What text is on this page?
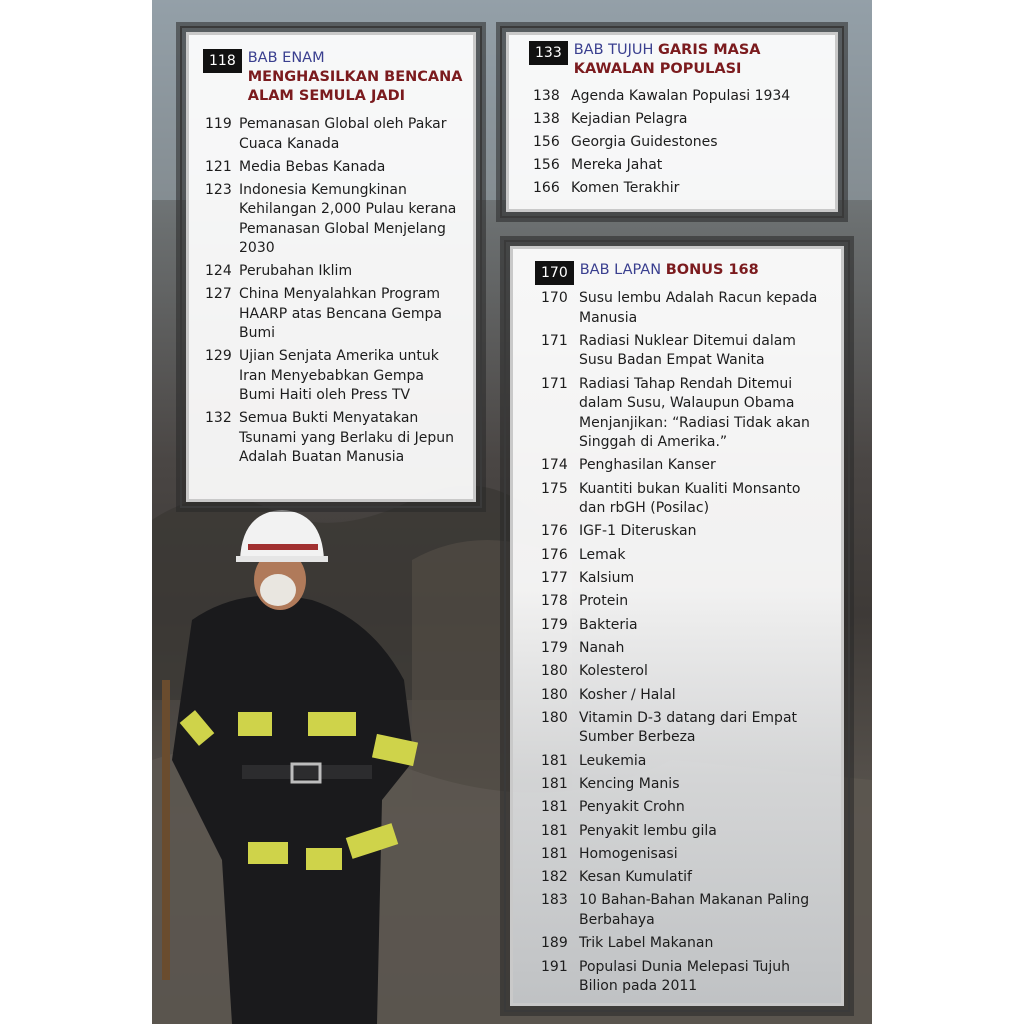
118 BAB ENAM
MENGHASILKAN BENCANA ALAM SEMULA JADI
119 Pemanasan Global oleh Pakar Cuaca Kanada
121 Media Bebas Kanada
123 Indonesia Kemungkinan Kehilangan 2,000 Pulau kerana Pemanasan Global Menjelang 2030
124 Perubahan Iklim
127 China Menyalahkan Program HAARP atas Bencana Gempa Bumi
129 Ujian Senjata Amerika untuk Iran Menyebabkan Gempa Bumi Haiti oleh Press TV
132 Semua Bukti Menyatakan Tsunami yang Berlaku di Jepun Adalah Buatan Manusia
133 BAB TUJUH GARIS MASA KAWALAN POPULASI
138 Agenda Kawalan Populasi 1934
138 Kejadian Pelagra
156 Georgia Guidestones
156 Mereka Jahat
166 Komen Terakhir
170 BAB LAPAN BONUS 168
170 Susu lembu Adalah Racun kepada Manusia
171 Radiasi Nuklear Ditemui dalam Susu Badan Empat Wanita
171 Radiasi Tahap Rendah Ditemui dalam Susu, Walaupun Obama Menjanjikan: “Radiasi Tidak akan Singgah di Amerika.”
174 Penghasilan Kanser
175 Kuantiti bukan Kualiti Monsanto dan rbGH (Posilac)
176 IGF-1 Diteruskan
176 Lemak
177 Kalsium
178 Protein
179 Bakteria
179 Nanah
180 Kolesterol
180 Kosher / Halal
180 Vitamin D-3 datang dari Empat Sumber Berbeza
181 Leukemia
181 Kencing Manis
181 Penyakit Crohn
181 Penyakit lembu gila
181 Homogenisasi
182 Kesan Kumulatif
183 10 Bahan-Bahan Makanan Paling Berbahaya
189 Trik Label Makanan
191 Populasi Dunia Melepasi Tujuh Bilion pada 2011
